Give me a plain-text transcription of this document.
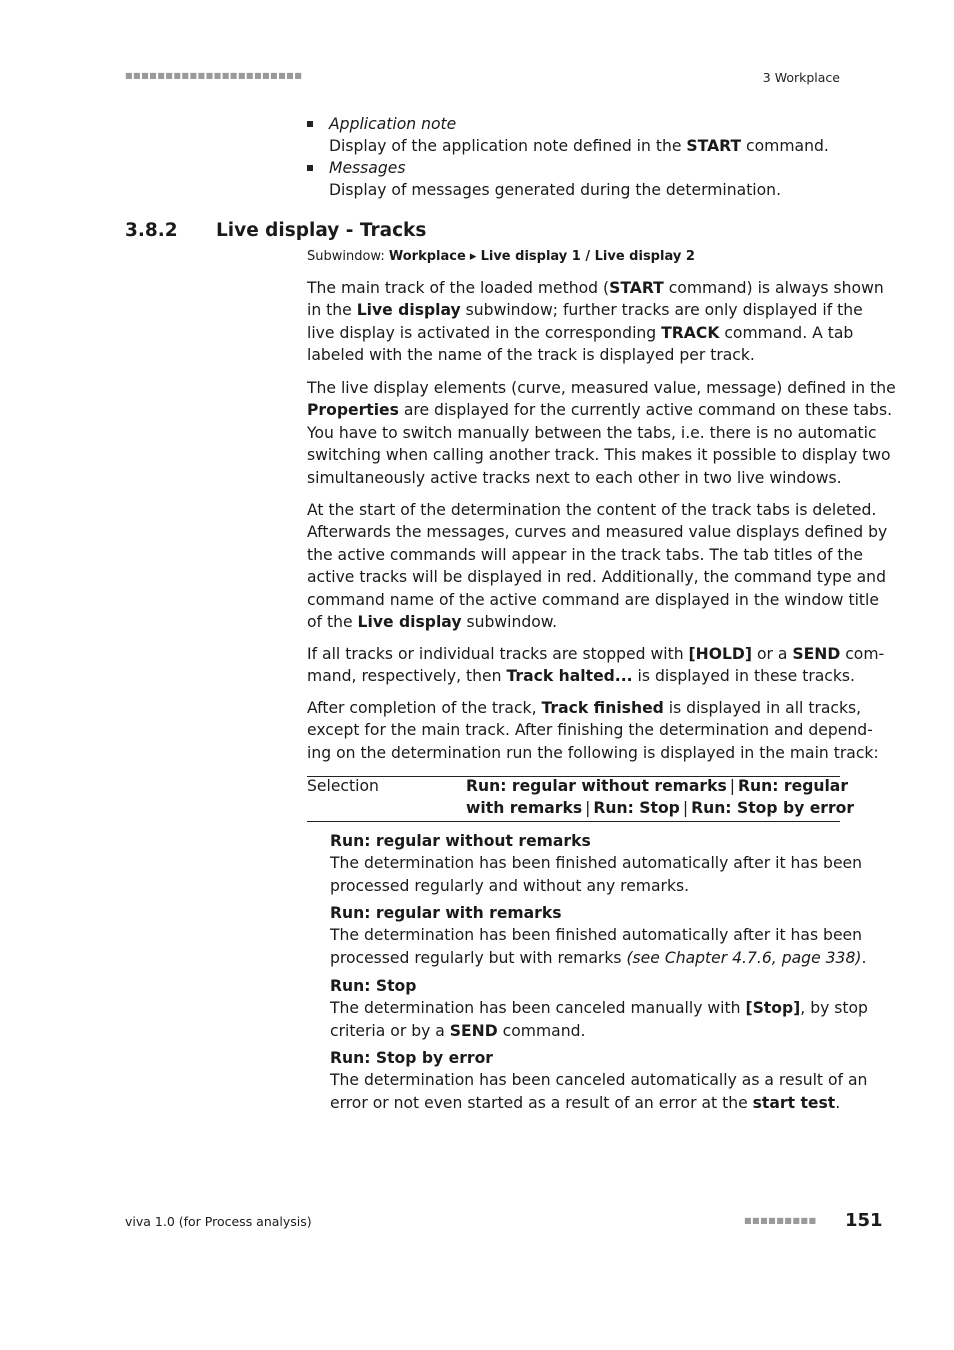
■■■■■■■■■■■■■■■■■■■■■■	3 Workplace
Application note
Display of the application note defined in the START command.
Messages
Display of messages generated during the determination.
3.8.2 Live display - Tracks
Subwindow: Workplace ▸ Live display 1 / Live display 2
The main track of the loaded method (START command) is always shown
in the Live display subwindow; further tracks are only displayed if the
live display is activated in the corresponding TRACK command. A tab
labeled with the name of the track is displayed per track.
The live display elements (curve, measured value, message) defined in the
Properties are displayed for the currently active command on these tabs.
You have to switch manually between the tabs, i.e. there is no automatic
switching when calling another track. This makes it possible to display two
simultaneously active tracks next to each other in two live windows.
At the start of the determination the content of the track tabs is deleted.
Afterwards the messages, curves and measured value displays defined by
the active commands will appear in the track tabs. The tab titles of the
active tracks will be displayed in red. Additionally, the command type and
command name of the active command are displayed in the window title
of the Live display subwindow.
If all tracks or individual tracks are stopped with [HOLD] or a SEND com-
mand, respectively, then Track halted... is displayed in these tracks.
After completion of the track, Track finished is displayed in all tracks,
except for the main track. After finishing the determination and depend-
ing on the determination run the following is displayed in the main track:
Selection	Run: regular without remarks | Run: regular
with remarks | Run: Stop | Run: Stop by error
Run: regular without remarks
The determination has been finished automatically after it has been
processed regularly and without any remarks.
Run: regular with remarks
The determination has been finished automatically after it has been
processed regularly but with remarks (see Chapter 4.7.6, page 338).
Run: Stop
The determination has been canceled manually with [Stop], by stop
criteria or by a SEND command.
Run: Stop by error
The determination has been canceled automatically as a result of an
error or not even started as a result of an error at the start test.
viva 1.0 (for Process analysis)	■■■■■■■■■ 151
